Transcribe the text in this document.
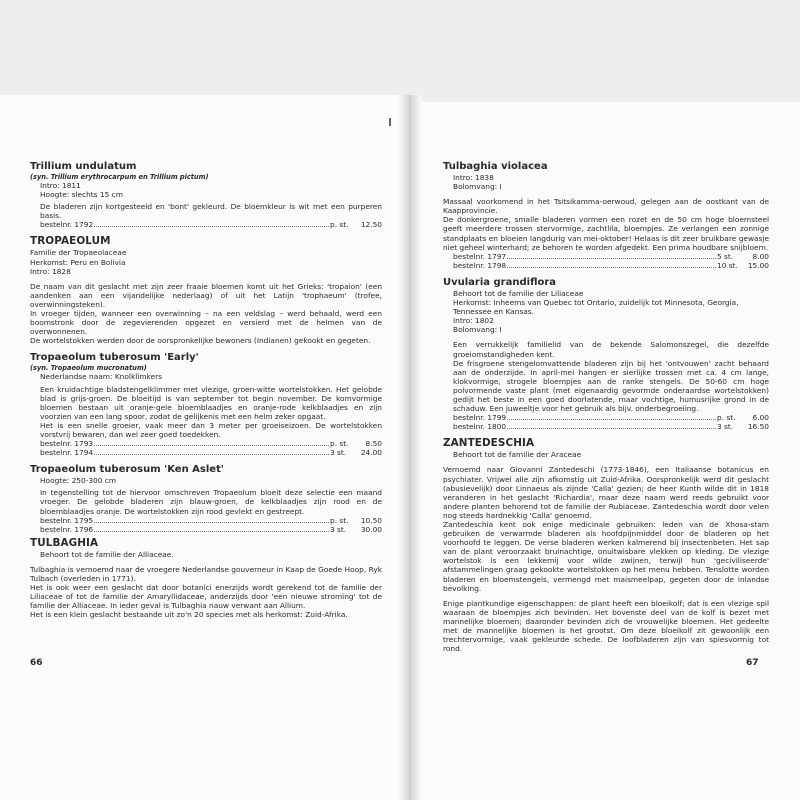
Trillium undulatum
(syn. Trillium erythrocarpum en Trillium pictum)
Intro: 1811
Hoogte: slechts 15 cm

De bladeren zijn kortgesteeld en 'bont' gekleurd. De bloemkleur is wit met een purperen basis.

bestelnr. 1792	p. st.	12.50
TROPAEOLUM
Familie der Tropaeolaceae
Herkomst: Peru en Bolivia
Intro: 1828

De naam van dit geslacht met zijn zeer fraaie bloemen komt uit het Grieks: 'tropaion' (een aandenken aan een vijandelijke nederlaag) of uit het Latijn 'trophaeum' (trofee, overwinningsteken).

In vroeger tijden, wanneer een overwinning – na een veldslag – werd behaald, werd een boomstronk door de zegevierenden opgezet en versierd met de helmen van de overwonnenen.

De wortelstokken werden door de oorspronkelijke bewoners (Indianen) gekookt en gegeten.

Tropaeolum tuberosum 'Early'
(syn. Tropaeolum mucronatum)
Nederlandse naam: Knolklimkers

Een kruidachtige bladstengelklimmer met vlezige, groen-witte wortelstokken. Het gelobde blad is grijs-groen. De bloeitijd is van september tot begin november. De komvormige bloemen bestaan uit oranje-gele bloemblaadjes en oranje-rode kelkblaadjes en zijn voorzien van een lang spoor, zodat de gelijkenis met een helm zeker opgaat.

Het is een snelle groeier, vaak meer dan 3 meter per groeiseizoen. De wortelstokken vorstvrij bewaren, dan wel zeer goed toedekken.

bestelnr. 1793	p. st.	8.50
bestelnr. 1794	3 st.	24.00
Tropaeolum tuberosum 'Ken Aslet'
Hoogte: 250-300 cm

In tegenstelling tot de hiervoor omschreven Tropaeolum bloeit deze selectie een maand vroeger. De gelobde bladeren zijn blauw-groen, de kelkblaadjes zijn rood en de bloemblaadjes oranje. De wortelstokken zijn rood gevlekt en gestreept.

bestelnr. 1795	p. st.	10.50
bestelnr. 1796	3 st.	30.00
TULBAGHIA
Behoort tot de familie der Alliaceae.

Tulbaghia is vernoemd naar de vroegere Nederlandse gouverneur in Kaap de Goede Hoop, Ryk Tulbach (overleden in 1771).

Het is ook weer een geslacht dat door botanici enerzijds wordt gerekend tot de familie der Liliaceae of tot de familie der Amaryllidaceae, anderzijds door 'een nieuwe stroming' tot de familie der Alliaceae. In ieder geval is Tulbaghia nauw verwant aan Allium.

Het is een klein geslacht bestaande uit zo'n 20 species met als herkomst: Zuid-Afrika.

Tulbaghia violacea
Intro: 1838
Bolomvang: I

Massaal voorkomend in het Tsitsikamma-oerwoud, gelegen aan de oostkant van de Kaapprovincie.

De donkergroene, smalle bladeren vormen een rozet en de 50 cm hoge bloemsteel geeft meerdere trossen stervormige, zachtlila, bloempjes. Ze verlangen een zonnige standplaats en bloeien langdurig van mei-oktober! Helaas is dit zeer bruikbare gewasje niet geheel winterhard; ze behoren te worden afgedekt. Een prima houdbare snijbloem.

bestelnr. 1797	5 st.	8.00
bestelnr. 1798	10 st.	15.00
Uvularia grandiflora
Behoort tot de familie der Liliaceae
Herkomst: Inheems van Quebec tot Ontario, zuidelijk tot Minnesota, Georgia, Tennessee en Kansas.
Intro: 1802
Bolomvang: I

Een verrukkelijk familielid van de bekende Salomonszegel, die dezelfde groeiomstandigheden kent.

De frisgroene stengelomvattende bladeren zijn bij het 'ontvouwen' zacht behaard aan de onderzijde. In april-mei hangen er sierlijke trossen met ca. 4 cm lange, klokvormige, strogele bloempjes aan de ranke stengels. De 50-60 cm hoge polvormende vaste plant (met eigenaardig gevormde onderaardse wortelstokken) gedijt het beste in een goed doorlatende, maar vochtige, humusrijke grond in de schaduw. Een juweeltje voor het gebruik als bijv. onderbegroeiing.

bestelnr. 1799	p. st.	6.00
bestelnr. 1800	3 st.	16.50
ZANTEDESCHIA
Behoort tot de familie der Araceae

Vernoemd naar Giovanni Zantedeschi (1773-1846), een Italiaanse botanicus en psychiater. Vrijwel alle zijn afkomstig uit Zuid-Afrika. Oorspronkelijk werd dit geslacht (abusievelijk) door Linnaeus als zijnde 'Calla' gezien; de heer Kunth wilde dit in 1818 veranderen in het geslacht 'Richardia', maar deze naam werd reeds gebruikt voor andere planten behorend tot de familie der Rubiaceae. Zantedeschia wordt door velen nog steeds hardnekkig 'Calla' genoemd.

Zantedeschia kent ook enige medicinale gebruiken: leden van de Xhosa-stam gebruiken de verwarmde bladeren als hoofdpijnmiddel door de bladeren op het voorhoofd te leggen. De verse bladeren werken kalmerend bij insectenbeten. Het sap van de plant veroorzaakt bruinachtige, onuitwisbare vlekken op kleding. De vlezige wortelstok is een lekkernij voor wilde zwijnen, terwijl hun 'geciviliseerde' afstammelingen graag gekookte wortelstokken op het menu hebben. Tenslotte worden bladeren en bloemstengels, vermengd met maismeelpap, gegeten door de inlandse bevolking.

Enige plantkundige eigenschappen: de plant heeft een bloeikolf; dat is een vlezige spil waaraan de bloempjes zich bevinden. Het bovenste deel van de kolf is bezet met mannelijke bloemen; daaronder bevinden zich de vrouwelijke bloemen. Het gedeelte met de mannelijke bloemen is het grootst. Om deze bloeikolf zit gewoonlijk een trechtervormige, vaak gekleurde schede. De loofbladeren zijn van spiesvormig tot rond.

66	67
